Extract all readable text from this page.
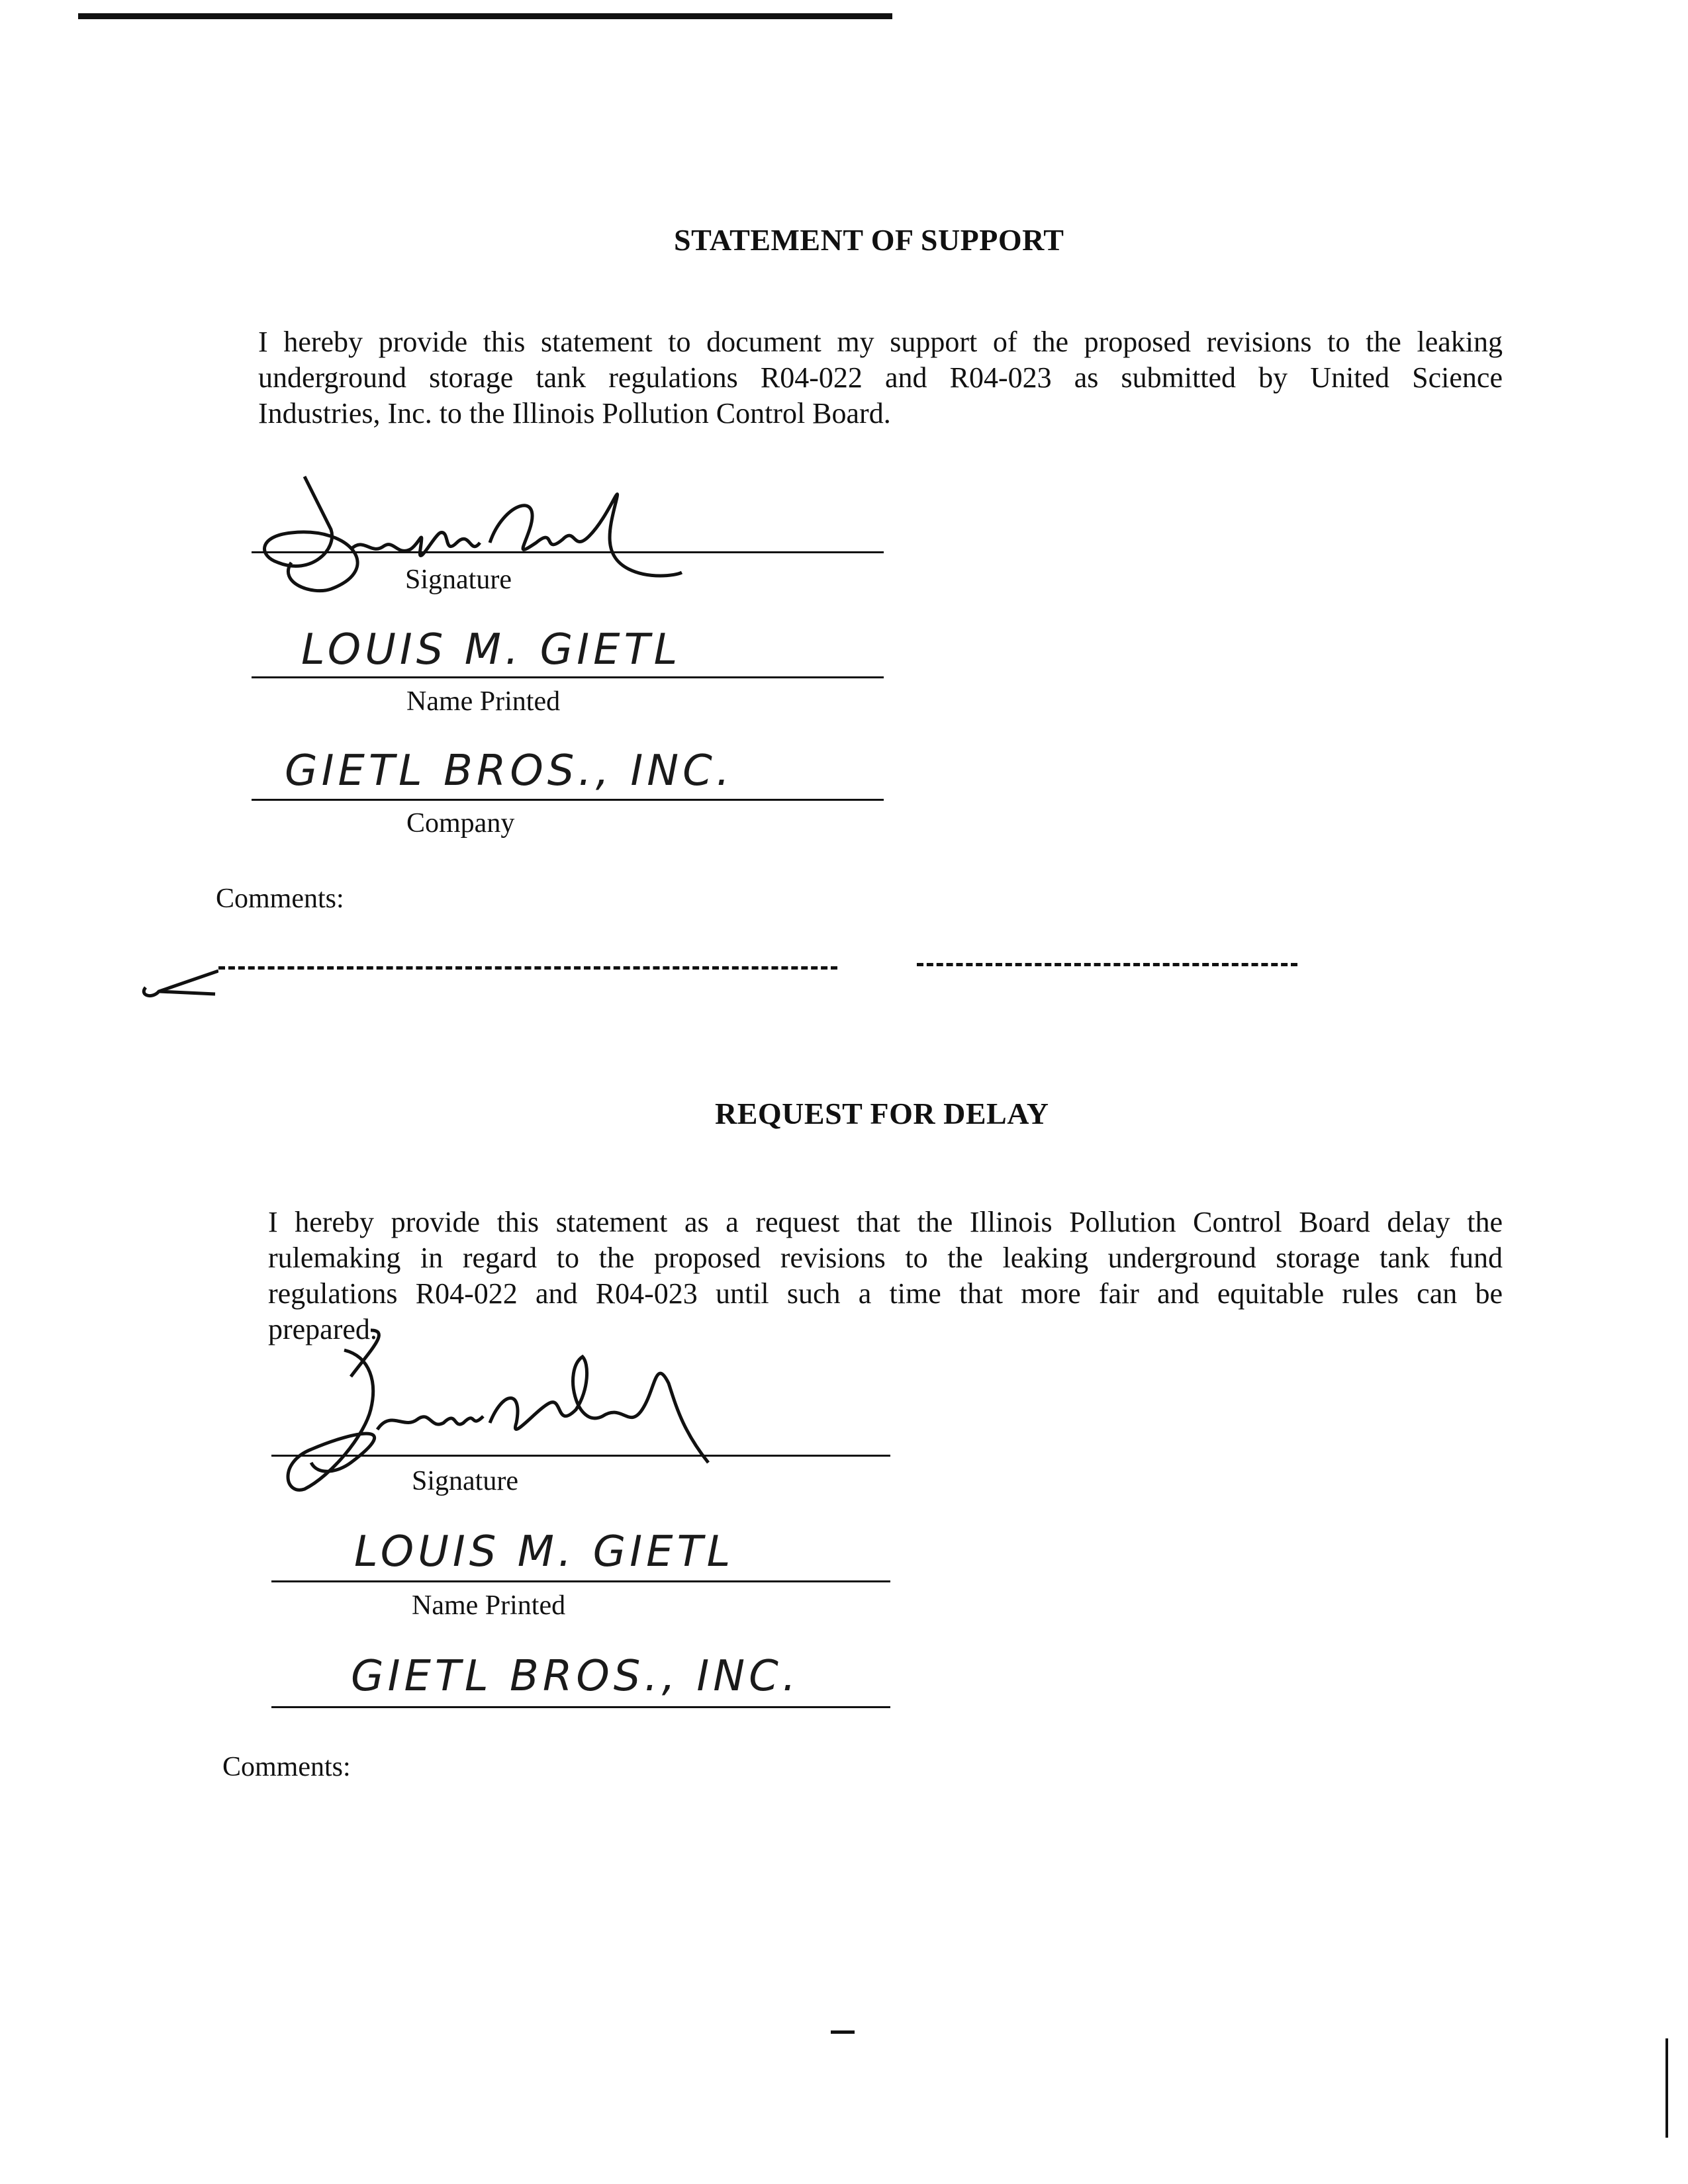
STATEMENT OF SUPPORT
I hereby provide this statement to document my support of the proposed revisions to the leaking
underground storage tank regulations R04-022 and R04-023 as submitted by United Science
Industries, Inc. to the Illinois Pollution Control Board.
Signature
LOUIS M. GIETL
Name Printed
GIETL BROS., INC.
Company
Comments:
REQUEST FOR DELAY
I hereby provide this statement as a request that the Illinois Pollution Control Board delay the
rulemaking in regard to the proposed revisions to the leaking underground storage tank fund
regulations R04-022 and R04-023 until such a time that more fair and equitable rules can be
prepared.
Signature
LOUIS M. GIETL
Name Printed
GIETL BROS., INC.
Comments:
